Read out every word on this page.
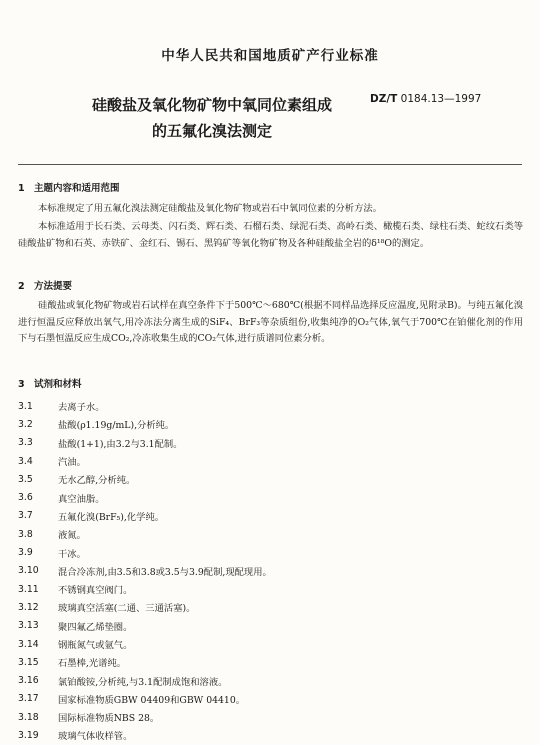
中华人民共和国地质矿产行业标准
硅酸盐及氧化物矿物中氧同位素组成
的五氟化溴法测定
DZ/T 0184.13—1997
1 主题内容和适用范围
本标准规定了用五氟化溴法测定硅酸盐及氧化物矿物或岩石中氧同位素的分析方法。
本标准适用于长石类、云母类、闪石类、辉石类、石榴石类、绿泥石类、高岭石类、橄榄石类、绿柱石类、蛇纹石类等硅酸盐矿物和石英、赤铁矿、金红石、锡石、黑钨矿等氧化物矿物及各种硅酸盐全岩的δ¹⁸O的测定。
2 方法提要
硅酸盐或氧化物矿物或岩石试样在真空条件下于500℃～680℃(根据不同样品选择反应温度,见附录B)。与纯五氟化溴进行恒温反应释放出氧气,用冷冻法分离生成的SiF₄、BrF₃等杂质组份,收集纯净的O₂气体,氧气于700℃在铂催化剂的作用下与石墨恒温反应生成CO₂,冷冻收集生成的CO₂气体,进行质谱同位素分析。
3 试剂和材料
3.1	去离子水。
3.2	盐酸(ρ1.19g/mL),分析纯。
3.3	盐酸(1+1),由3.2与3.1配制。
3.4	汽油。
3.5	无水乙醇,分析纯。
3.6	真空油脂。
3.7	五氟化溴(BrF₅),化学纯。
3.8	液氮。
3.9	干冰。
3.10	混合冷冻剂,由3.5和3.8或3.5与3.9配制,现配现用。
3.11	不锈钢真空阀门。
3.12	玻璃真空活塞(二通、三通活塞)。
3.13	聚四氟乙烯垫圈。
3.14	钢瓶氮气或氩气。
3.15	石墨棒,光谱纯。
3.16	氯铂酸铵,分析纯,与3.1配制成饱和溶液。
3.17	国家标准物质GBW 04409和GBW 04410。
3.18	国际标准物质NBS 28。
3.19	玻璃气体收样管。
